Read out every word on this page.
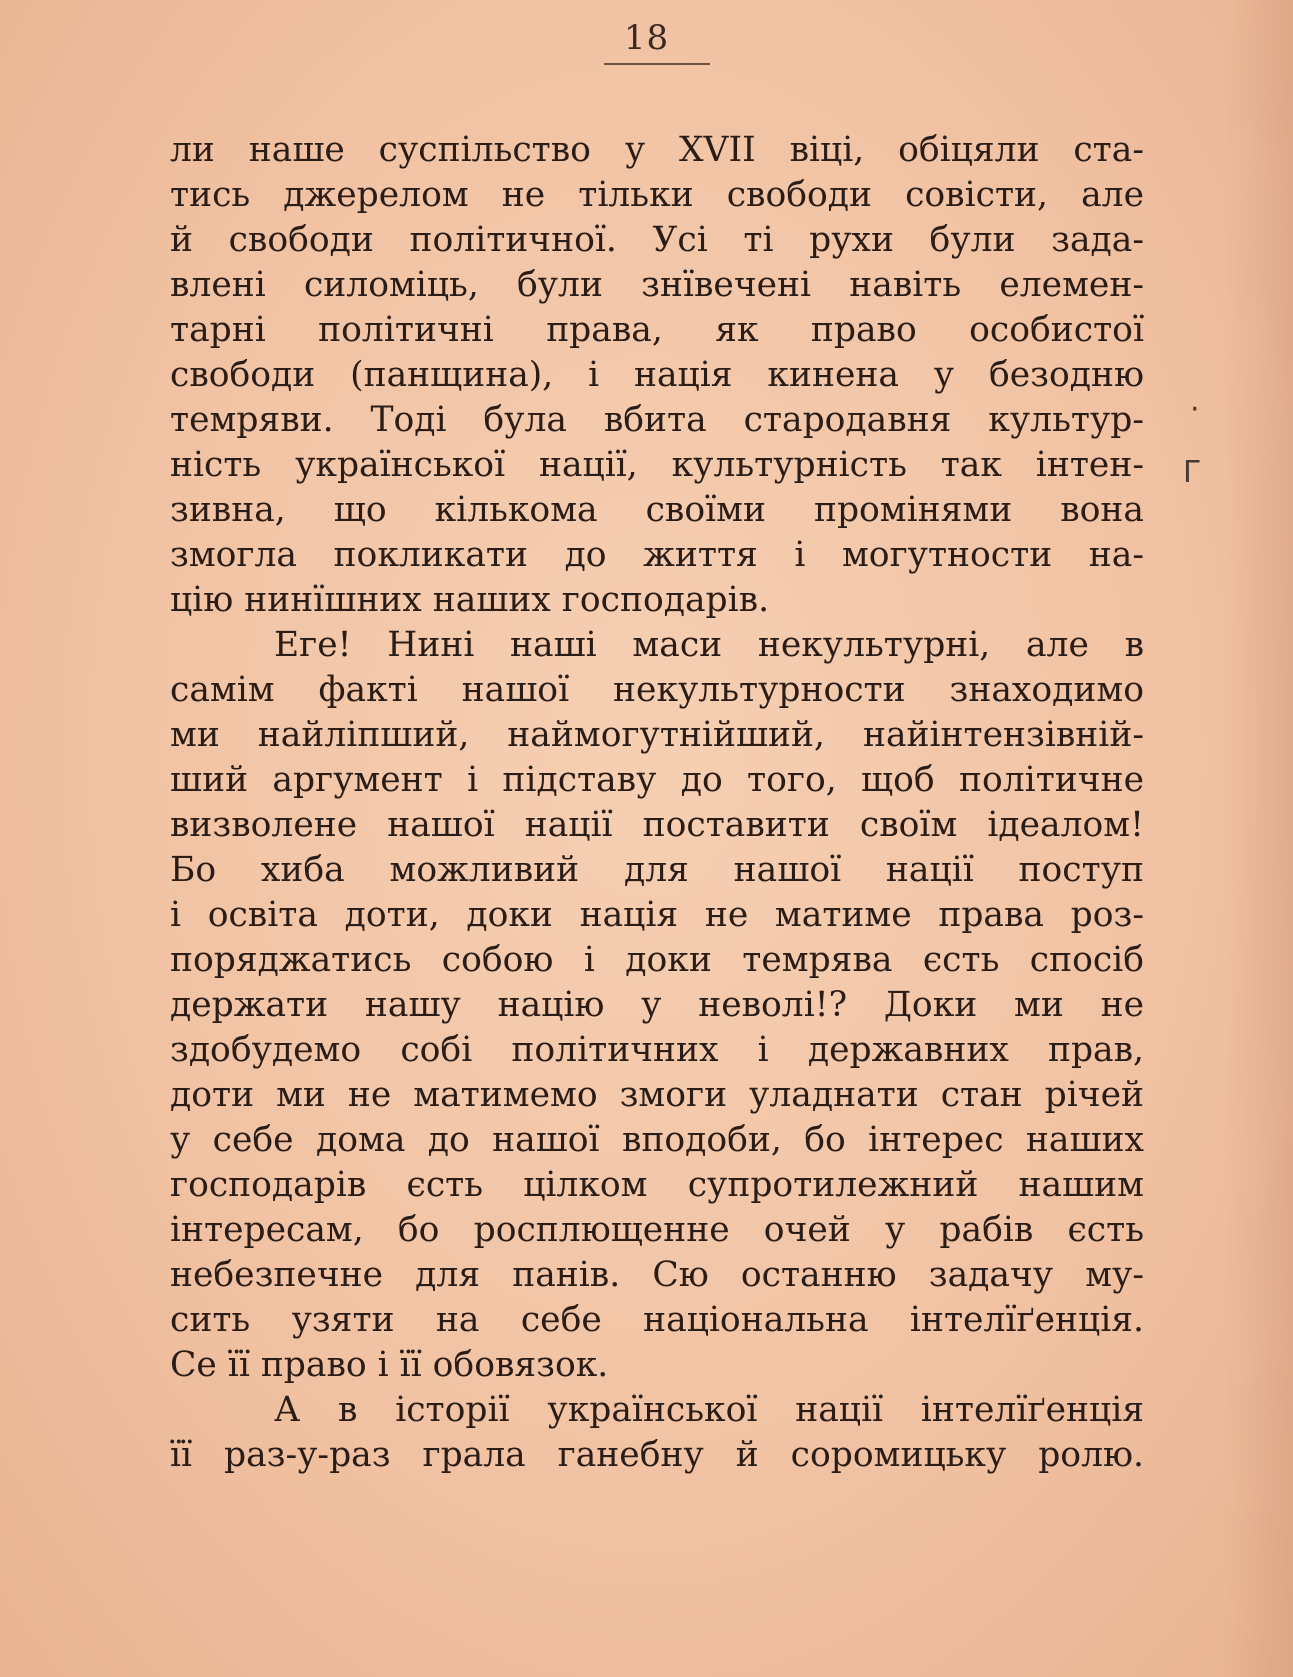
18
·
Г
ли наше суспільство у XVII віці, обіцяли ста-
тись джерелом не тільки свободи совісти, але
й свободи політичної. Усі ті рухи були зада-
влені силоміць, були знївечені навіть елемен-
тарні політичні права, як право особистої
свободи (панщина), і нація кинена у безодню
темряви. Тоді була вбита стародавня культур-
ність української нації, культурність так інтен-
зивна, що кількома своїми промінями вона
змогла покликати до життя і могутности на-
цію нинїшних наших господарів.
Еге! Нині наші маси некультурні, але в
самім факті нашої некультурности знаходимо
ми найліпший, наймогутнійший, найінтензівній-
ший аргумент і підставу до того, щоб політичне
визволене нашої нації поставити своїм ідеалом!
Бо хиба можливий для нашої нації поступ
і освіта доти, доки нація не матиме права роз-
поряджатись собою і доки темрява єсть спосіб
держати нашу націю у неволі!? Доки ми не
здобудемо собі політичних і державних прав,
доти ми не матимемо змоги уладнати стан річей
у себе дома до нашої вподоби, бо інтерес наших
господарів єсть цілком супротилежний нашим
інтересам, бо росплющенне очей у рабів єсть
небезпечне для панів. Сю останню задачу му-
сить узяти на себе національна інтелїґенція.
Се її право і її обовязок.
А в історії української нації інтелїґенція
її раз-у-раз грала ганебну й соромицьку ролю.
